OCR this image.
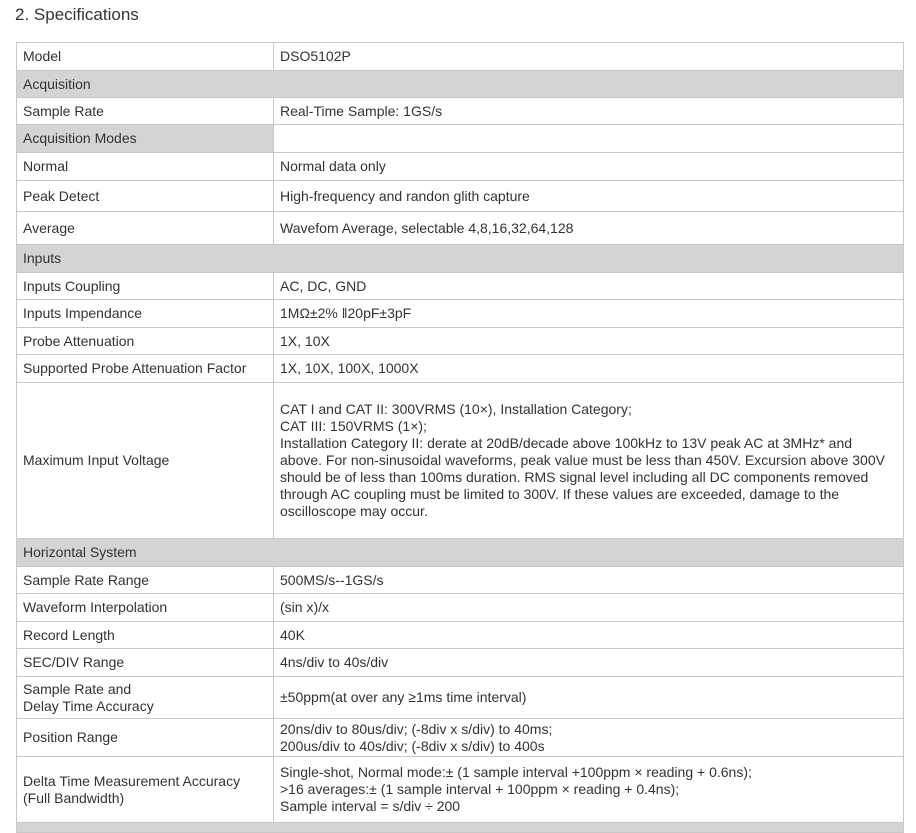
2. Specifications
Model	DSO5102P
Acquisition	
Sample Rate	Real-Time Sample: 1GS/s
Acquisition Modes	
Normal	Normal data only
Peak Detect	High-frequency and randon glith capture
Average	Wavefom Average, selectable 4,8,16,32,64,128
Inputs	
Inputs Coupling	AC, DC, GND
Inputs Impendance	1MΩ±2% ǁ20pF±3pF
Probe Attenuation	1X, 10X
Supported Probe Attenuation Factor	1X, 10X, 100X, 1000X
Maximum Input Voltage	CAT I and CAT II: 300VRMS (10×), Installation Category;
CAT III: 150VRMS (1×);
Installation Category II: derate at 20dB/decade above 100kHz to 13V peak AC at 3MHz* and above. For non-sinusoidal waveforms, peak value must be less than 450V. Excursion above 300V should be of less than 100ms duration. RMS signal level including all DC components removed through AC coupling must be limited to 300V. If these values are exceeded, damage to the oscilloscope may occur.

Horizontal System	
Sample Rate Range	500MS/s--1GS/s
Waveform Interpolation	(sin x)/x
Record Length	40K
SEC/DIV Range	4ns/div to 40s/div

Sample Rate and
Delay Time Accuracy	±50ppm(at over any ≥1ms time interval)
Position Range	20ns/div to 80us/div; (-8div x s/div) to 40ms;
200us/div to 40s/div; (-8div x s/div) to 400s

Delta Time Measurement Accuracy
(Full Bandwidth)	Single-shot, Normal mode:± (1 sample interval +100ppm × reading + 0.6ns);
>16 averages:± (1 sample interval + 100ppm × reading + 0.4ns);
Sample interval = s/div ÷ 200
